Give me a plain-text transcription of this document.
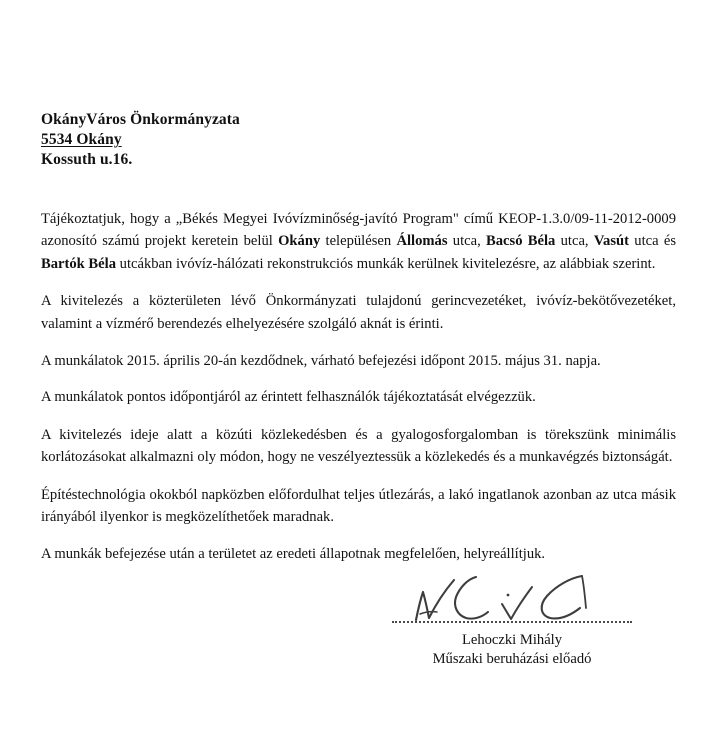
OkányVáros Önkormányzata
5534 Okány
Kossuth u.16.

Tájékoztatjuk, hogy a „Békés Megyei Ivóvízminőség-javító Program" című KEOP-1.3.0/09-11-2012-0009 azonosító számú projekt keretein belül Okány településen Állomás utca, Bacsó Béla utca, Vasút utca és Bartók Béla utcákban ivóvíz-hálózati rekonstrukciós munkák kerülnek kivitelezésre, az alábbiak szerint.

A kivitelezés a közterületen lévő Önkormányzati tulajdonú gerincvezetéket, ivóvíz-bekötővezetéket, valamint a vízmérő berendezés elhelyezésére szolgáló aknát is érinti.

A munkálatok 2015. április 20-án kezdődnek, várható befejezési időpont 2015. május 31. napja.

A munkálatok pontos időpontjáról az érintett felhasználók tájékoztatását elvégezzük.

A kivitelezés ideje alatt a közúti közlekedésben és a gyalogosforgalomban is törekszünk minimális korlátozásokat alkalmazni oly módon, hogy ne veszélyeztessük a közlekedés és a munkavégzés biztonságát.

Építéstechnológia okokból napközben előfordulhat teljes útlezárás, a lakó ingatlanok azonban az utca másik irányából ilyenkor is megközelíthetőek maradnak.

A munkák befejezése után a területet az eredeti állapotnak megfelelően, helyreállítjuk.

Lehoczki Mihály
Műszaki beruházási előadó
